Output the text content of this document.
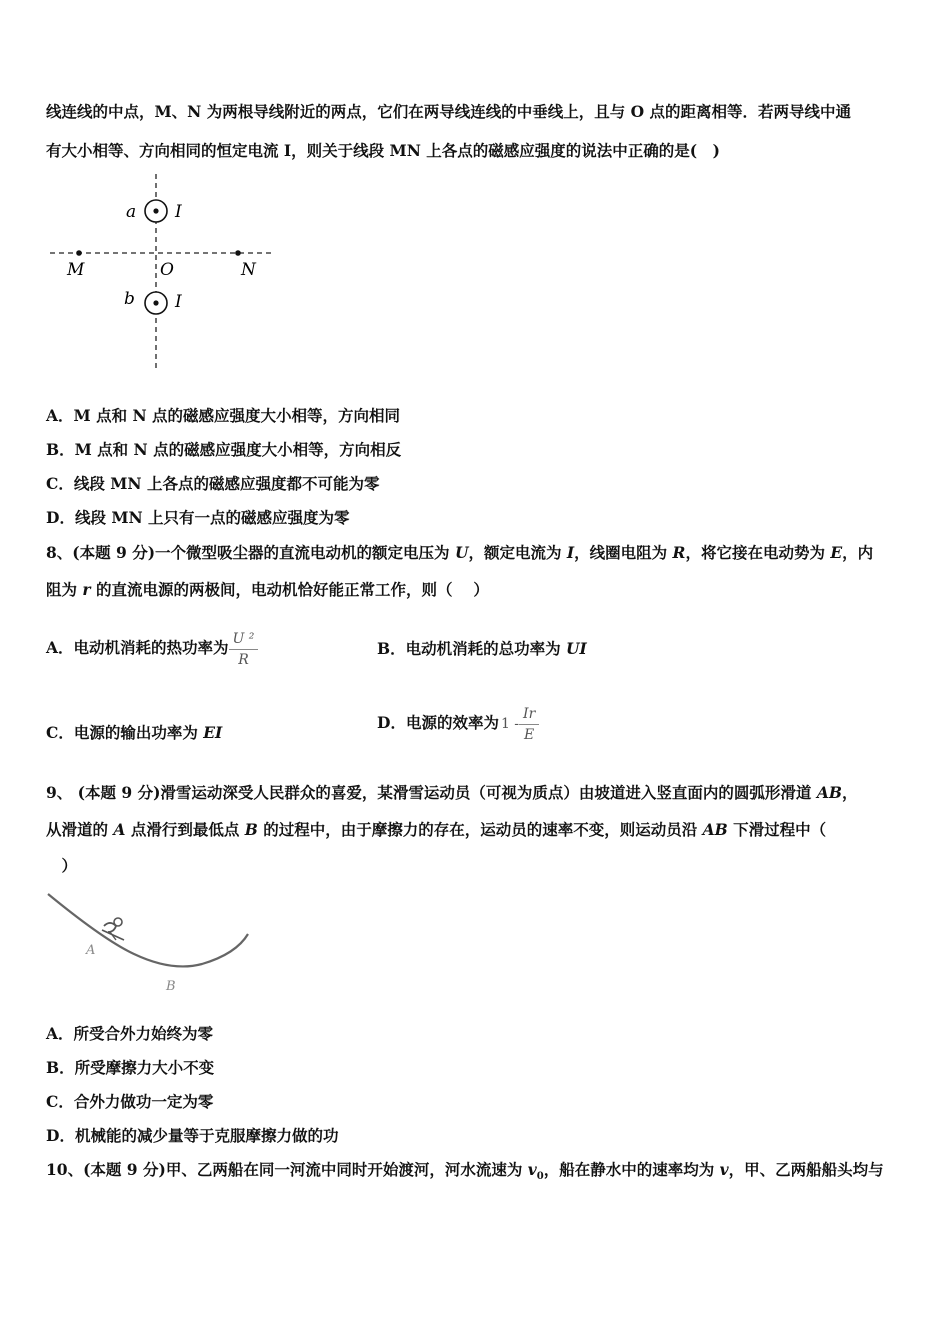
线连线的中点，M、N 为两根导线附近的两点，它们在两导线连线的中垂线上，且与 O 点的距离相等．若两导线中通
有大小相等、方向相同的恒定电流 I，则关于线段 MN 上各点的磁感应强度的说法中正确的是(　)
a I
M	O	N
b I
A．M 点和 N 点的磁感应强度大小相等，方向相同
B．M 点和 N 点的磁感应强度大小相等，方向相反
C．线段 MN 上各点的磁感应强度都不可能为零
D．线段 MN 上只有一点的磁感应强度为零
8、(本题 9 分)一个微型吸尘器的直流电动机的额定电压为 U，额定电流为 I，线圈电阻为 R，将它接在电动势为 E，内
阻为 r 的直流电源的两极间，电动机恰好能正常工作，则（　 ）
A．电动机消耗的热功率为 $\frac{\text{U ²}}{R}$	B．电动机消耗的总功率为 UI
C．电源的输出功率为 EI
D．电源的效率为 $1 - \frac{Ir}{E}$
9、 (本题 9 分)滑雪运动深受人民群众的喜爱，某滑雪运动员（可视为质点）由坡道进入竖直面内的圆弧形滑道 AB，
从滑道的 A 点滑行到最低点 B 的过程中，由于摩擦力的存在，运动员的速率不变，则运动员沿 AB 下滑过程中（
　）
A
B
A．所受合外力始终为零
B．所受摩擦力大小不变
C．合外力做功一定为零
D．机械能的减少量等于克服摩擦力做的功
10、(本题 9 分)甲、乙两船在同一河流中同时开始渡河，河水流速为 $v_0$，船在静水中的速率均为 v，甲、乙两船船头均与
